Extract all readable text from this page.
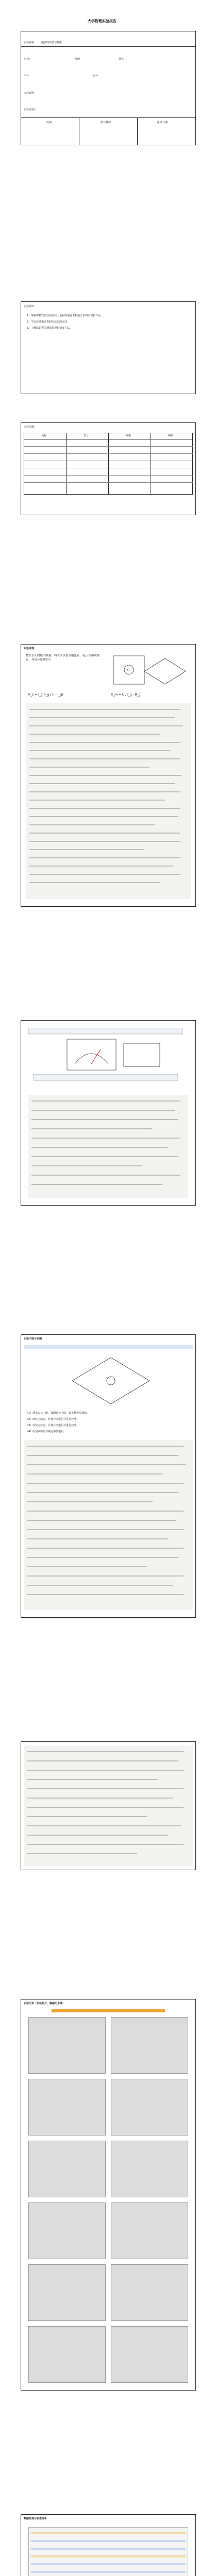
大学物理实验报告
实验名称： 电表的改装与校准
专业：	班级	姓名
学号	组号
实验日期
实验室房号
成绩	指导教师	批改日期
实验目的：
1、掌握将微安表改装成较大量程的电流表和电压表的原理和方法；
2、学会校准电流表和电压表的方法；
3、了解欧姆表的测量原理和刻度方法。
实验仪器：
名称	型号	规格	编号
实验原理
微安表头内阻的测量，将表头改装为电流表、电压表和欧姆表，各部分原理如下：
G
R_s = I_g R_g / (I - I_g)	R_m = U / I_g - R_g
实验内容与步骤
（1）测量表头内阻，按图连接电路，调节使表头满偏。
（2）改装电流表，计算分流电阻并进行校准。
（3）改装电压表，计算分压电阻并进行校准。
（4）组装欧姆表并确定中值电阻。
实验记录（实验照片、数据记录等）
数据处理与误差分析
